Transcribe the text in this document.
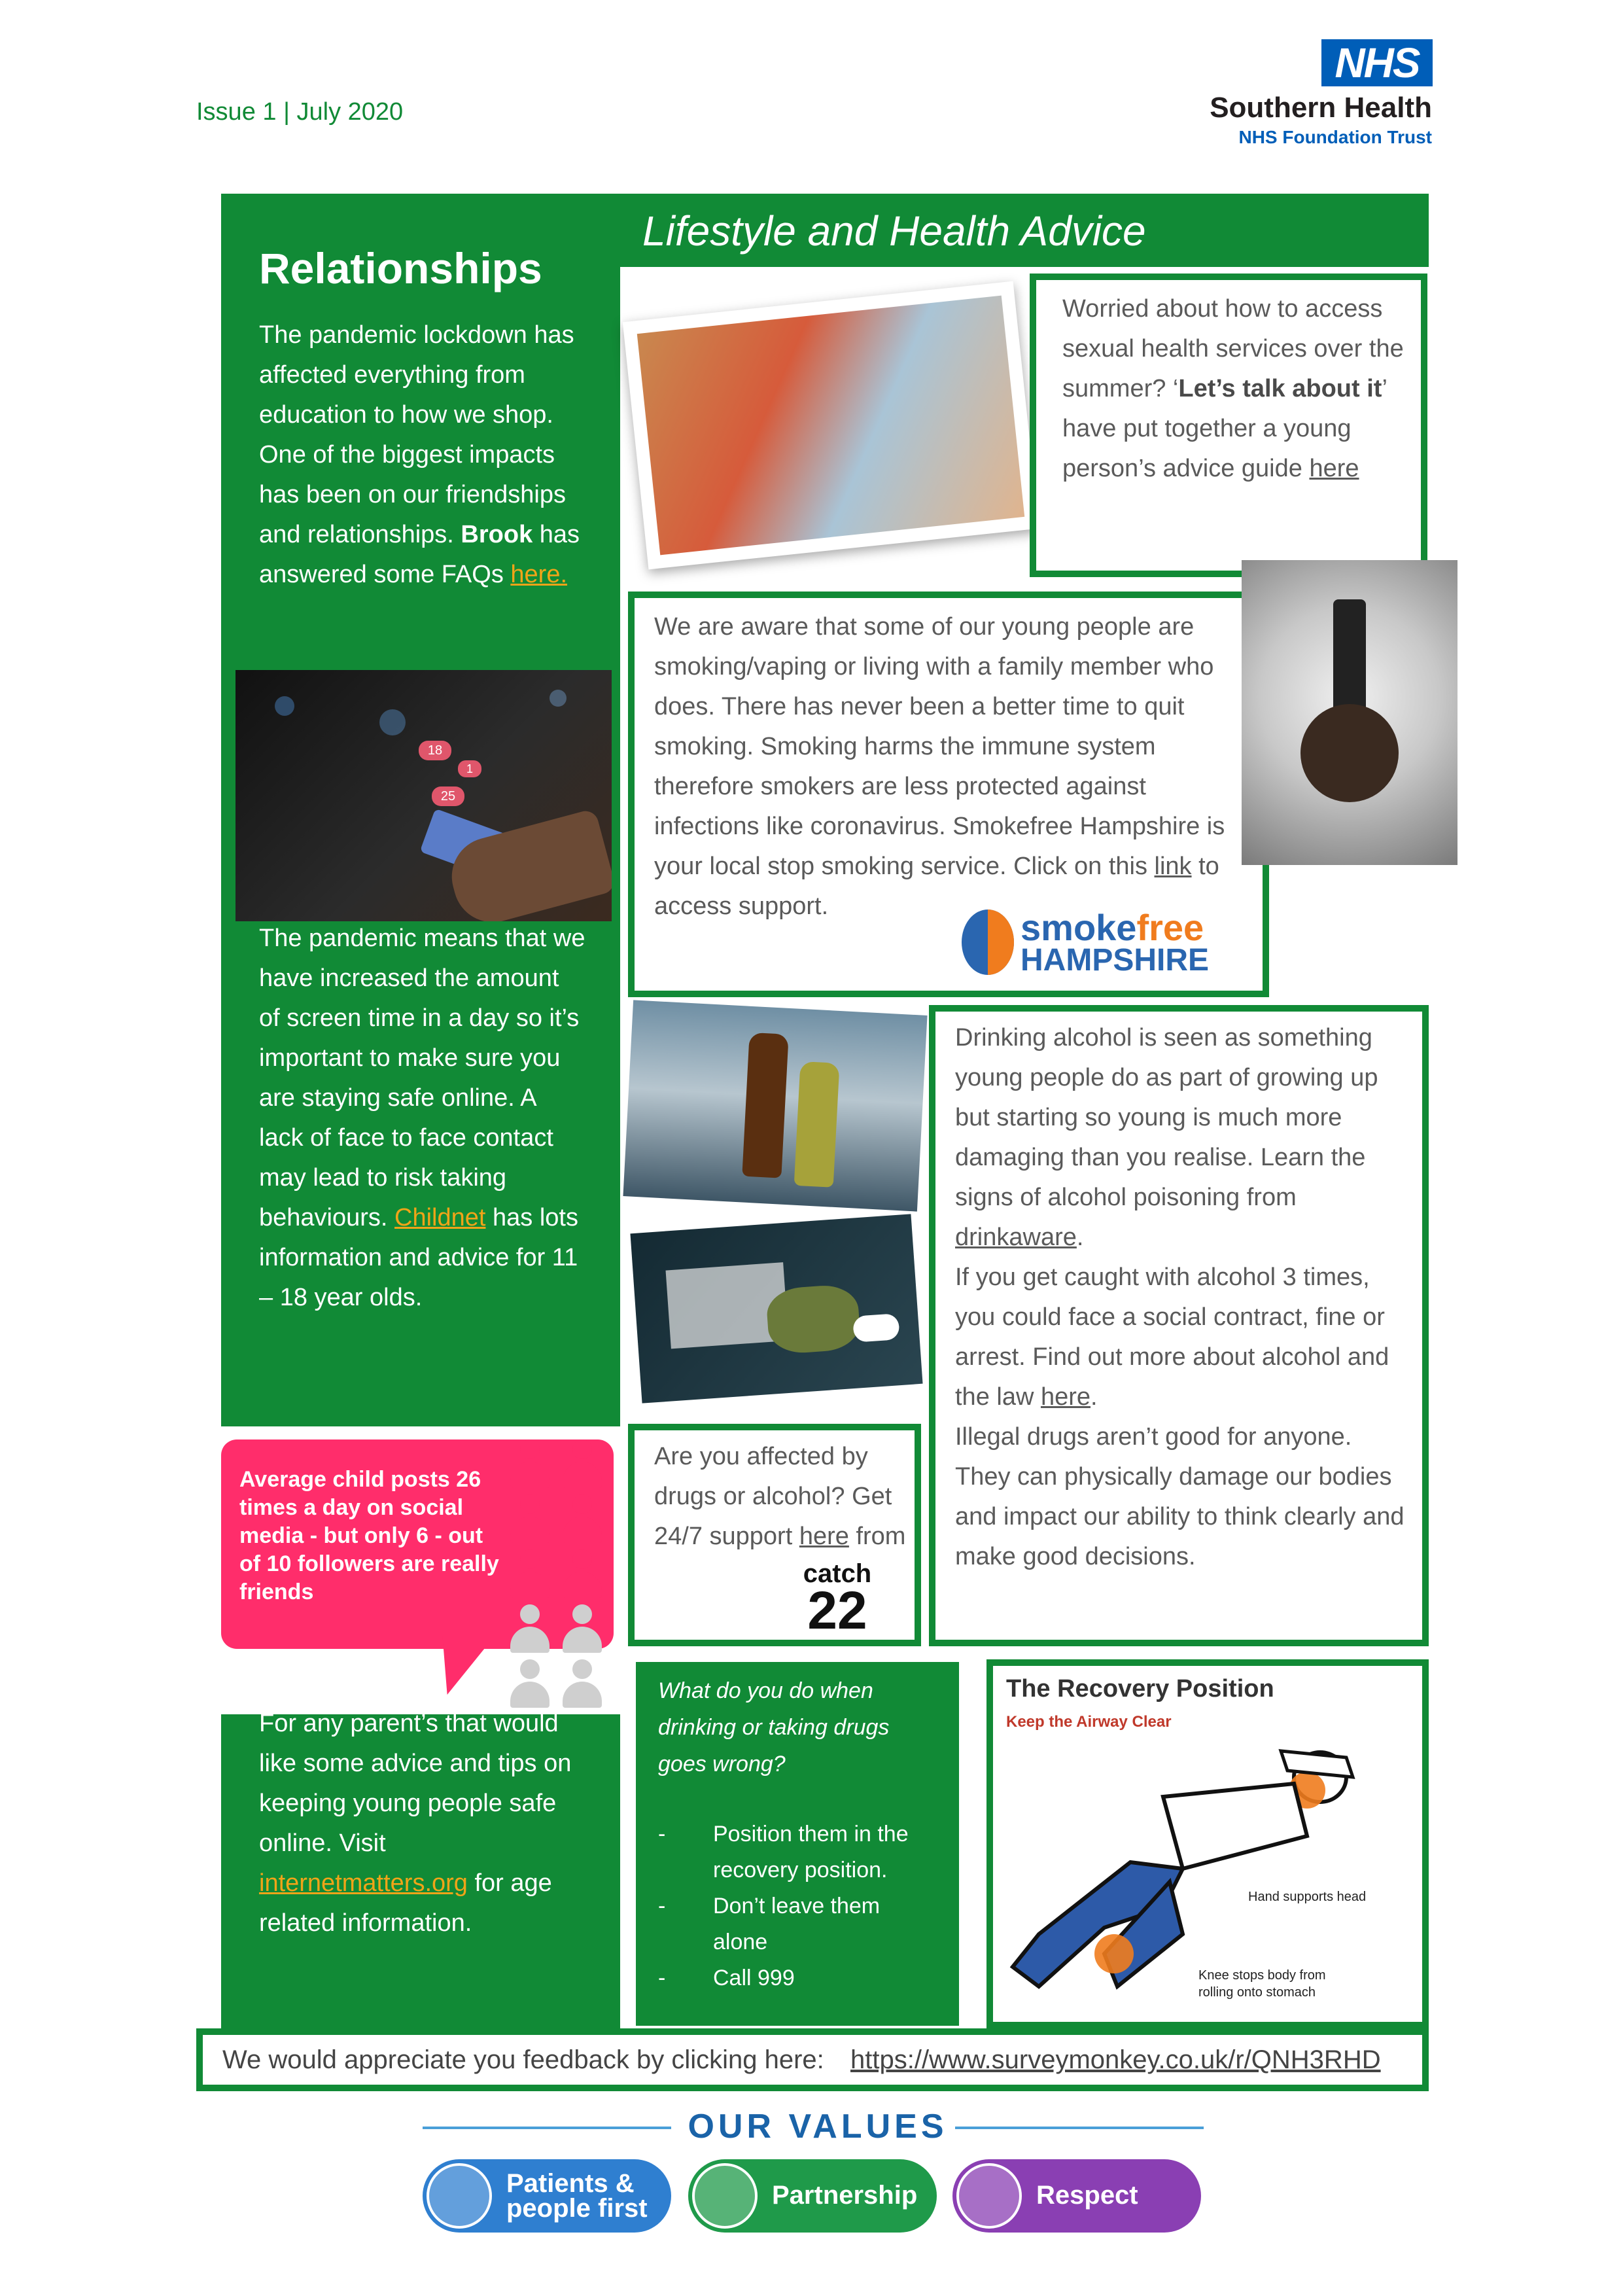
Issue 1 | July 2020
NHS
Southern Health
NHS Foundation Trust
Relationships
The pandemic lockdown has affected everything from education to how we shop. One of the biggest impacts has been on our friendships and relationships. Brook has answered some FAQs here.
18
1
25
The pandemic means that we have increased the amount of screen time in a day so it’s important to make sure you are staying safe online. A lack of face to face contact may lead to risk taking behaviours. Childnet has lots information and advice for 11 – 18 year olds.
Average child posts 26 times a day on social media - but only 6 - out of 10 followers are really friends
For any parent’s that would like some advice and tips on keeping young people safe online. Visit internetmatters.org for age related information.
Lifestyle and Health Advice
Worried about how to access sexual health services over the summer? ‘Let’s talk about it’ have put together a young person’s advice guide here
We are aware that some of our young people are smoking/vaping or living with a family member who does. There has never been a better time to quit smoking. Smoking harms the immune system therefore smokers are less protected against infections like coronavirus. Smokefree Hampshire is your local stop smoking service. Click on this link to access support.
smokefree
HAMPSHIRE
Drinking alcohol is seen as something young people do as part of growing up but starting so young is much more damaging than you realise. Learn the signs of alcohol poisoning from drinkaware.
If you get caught with alcohol 3 times, you could face a social contract, fine or arrest. Find out more about alcohol and the law here.
Illegal drugs aren’t good for anyone. They can physically damage our bodies and impact our ability to think clearly and make good decisions.
Are you affected by drugs or alcohol? Get 24/7 support here from
catch
22
What do you do when drinking or taking drugs goes wrong?
- Position them in the recovery position.
- Don’t leave them alone
- Call 999
The Recovery Position
Keep the Airway Clear
Hand supports head
Knee stops body from rolling onto stomach
We would appreciate you feedback by clicking here: https://www.surveymonkey.co.uk/r/QNH3RHD
OUR VALUES
Patients & people first	Partnership	Respect
